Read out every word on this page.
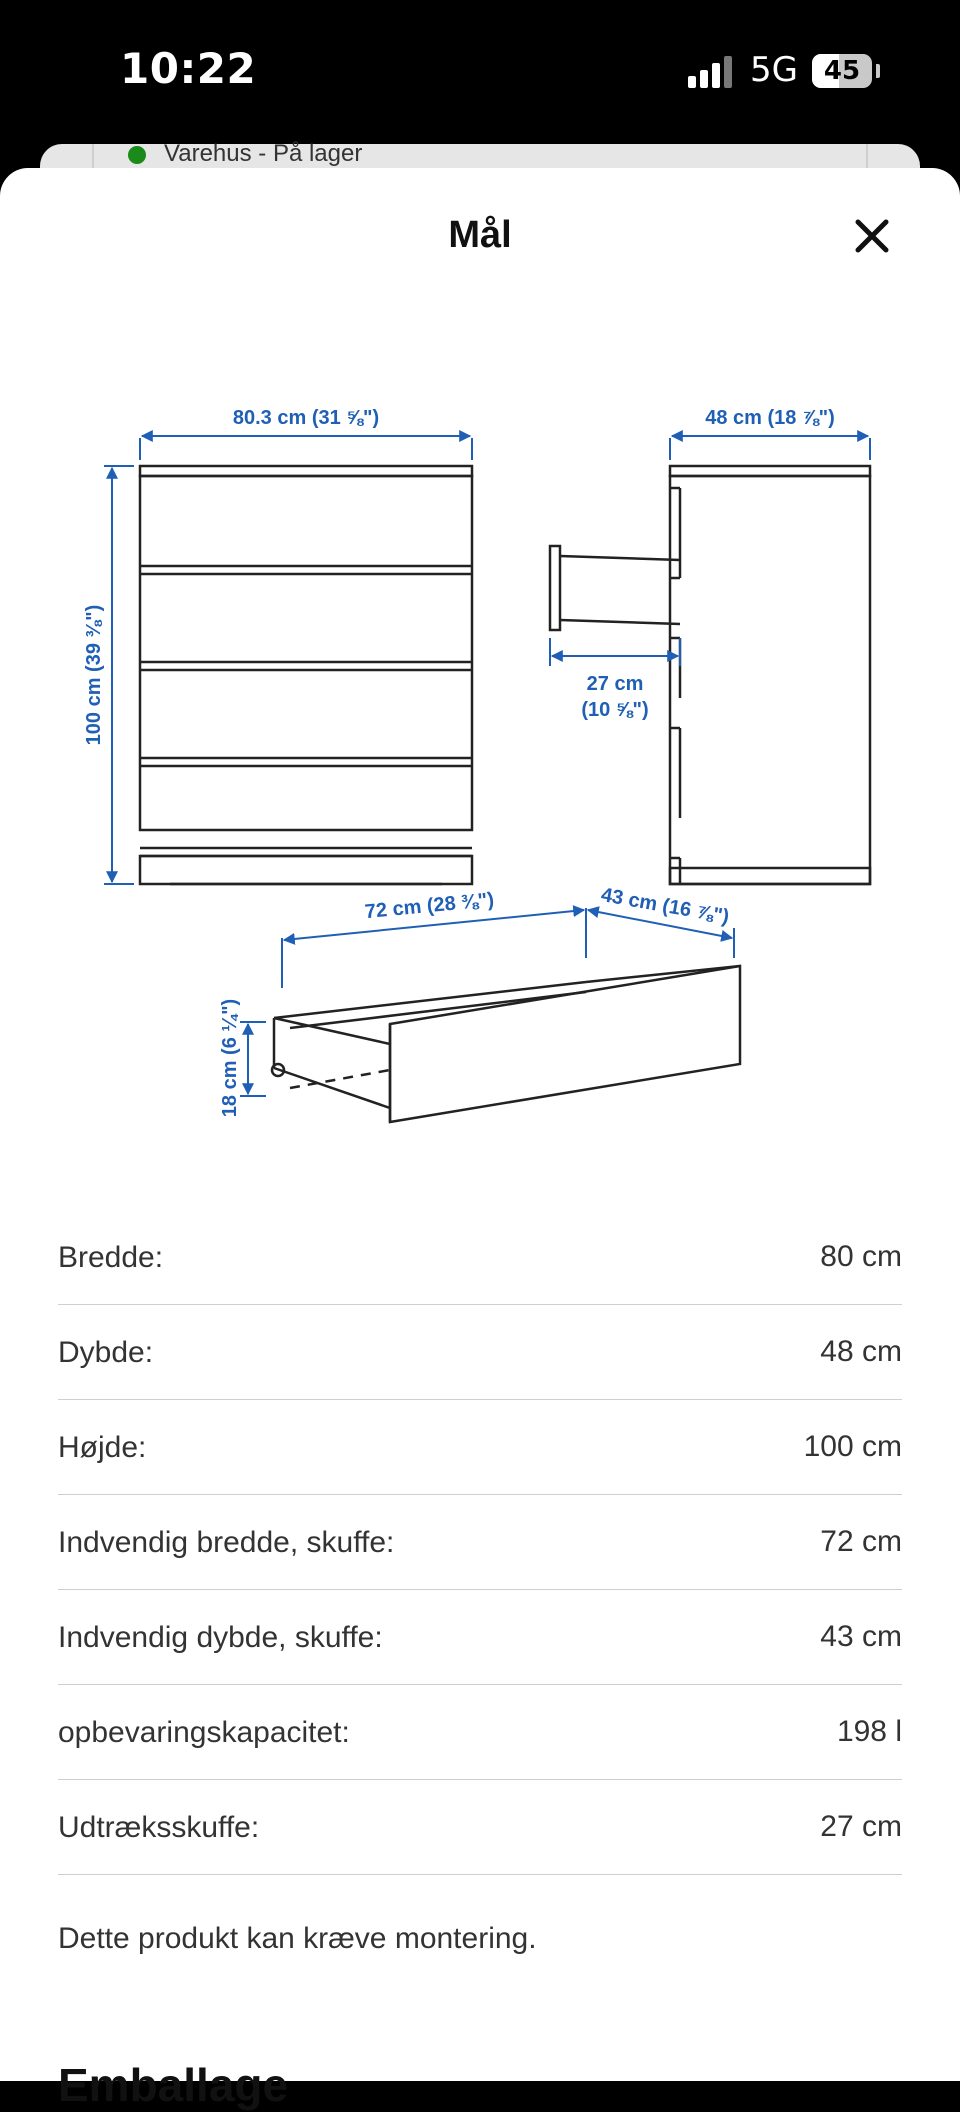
10:22	5G 45
Varehus - På lager
Mål
80.3 cm (31 ⅝")
100 cm (39 ⅜")
48 cm (18 ⅞")
27 cm
(10 ⅝")
72 cm (28 ⅜")	43 cm (16 ⅞")
18 cm (6 ¼")
Bredde:	80 cm
Dybde:	48 cm
Højde:	100 cm
Indvendig bredde, skuffe:	72 cm
Indvendig dybde, skuffe:	43 cm
opbevaringskapacitet:	198 l
Udtræksskuffe:	27 cm
Dette produkt kan kræve montering.
Emballage
